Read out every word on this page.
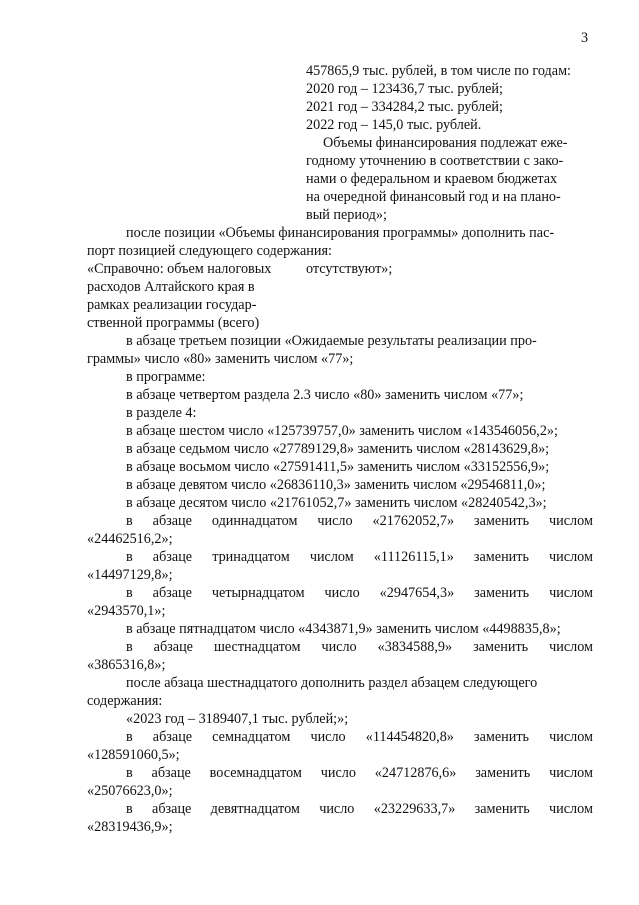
3
457865,9 тыс. рублей, в том числе по годам:
2020 год – 123436,7 тыс. рублей;
2021 год – 334284,2 тыс. рублей;
2022 год – 145,0 тыс. рублей.
Объемы финансирования подлежат еже-
годному уточнению в соответствии с зако-
нами о федеральном и краевом бюджетах
на очередной финансовый год и на плано-
вый период»;
после позиции «Объемы финансирования программы» дополнить пас-
порт позицией следующего содержания:
«Справочно: объем налоговых
расходов Алтайского края в
рамках реализации государ-
ственной программы (всего)
отсутствуют»;
в абзаце третьем позиции «Ожидаемые результаты реализации про-
граммы» число «80» заменить числом «77»;
в программе:
в абзаце четвертом раздела 2.3 число «80» заменить числом «77»;
в разделе 4:
в абзаце шестом число «125739757,0» заменить числом «143546056,2»;
в абзаце седьмом число «27789129,8» заменить числом «28143629,8»;
в абзаце восьмом число «27591411,5» заменить числом «33152556,9»;
в абзаце девятом число «26836110,3» заменить числом «29546811,0»;
в абзаце десятом число «21761052,7» заменить числом «28240542,3»;
в абзаце одиннадцатом число «21762052,7» заменить числом
«24462516,2»;
в абзаце тринадцатом числом «11126115,1» заменить числом
«14497129,8»;
в абзаце четырнадцатом число «2947654,3» заменить числом
«2943570,1»;
в абзаце пятнадцатом число «4343871,9» заменить числом «4498835,8»;
в абзаце шестнадцатом число «3834588,9» заменить числом
«3865316,8»;
после абзаца шестнадцатого дополнить раздел абзацем следующего
содержания:
«2023 год – 3189407,1 тыс. рублей;»;
в абзаце семнадцатом число «114454820,8» заменить числом
«128591060,5»;
в абзаце восемнадцатом число «24712876,6» заменить числом
«25076623,0»;
в абзаце девятнадцатом число «23229633,7» заменить числом
«28319436,9»;
